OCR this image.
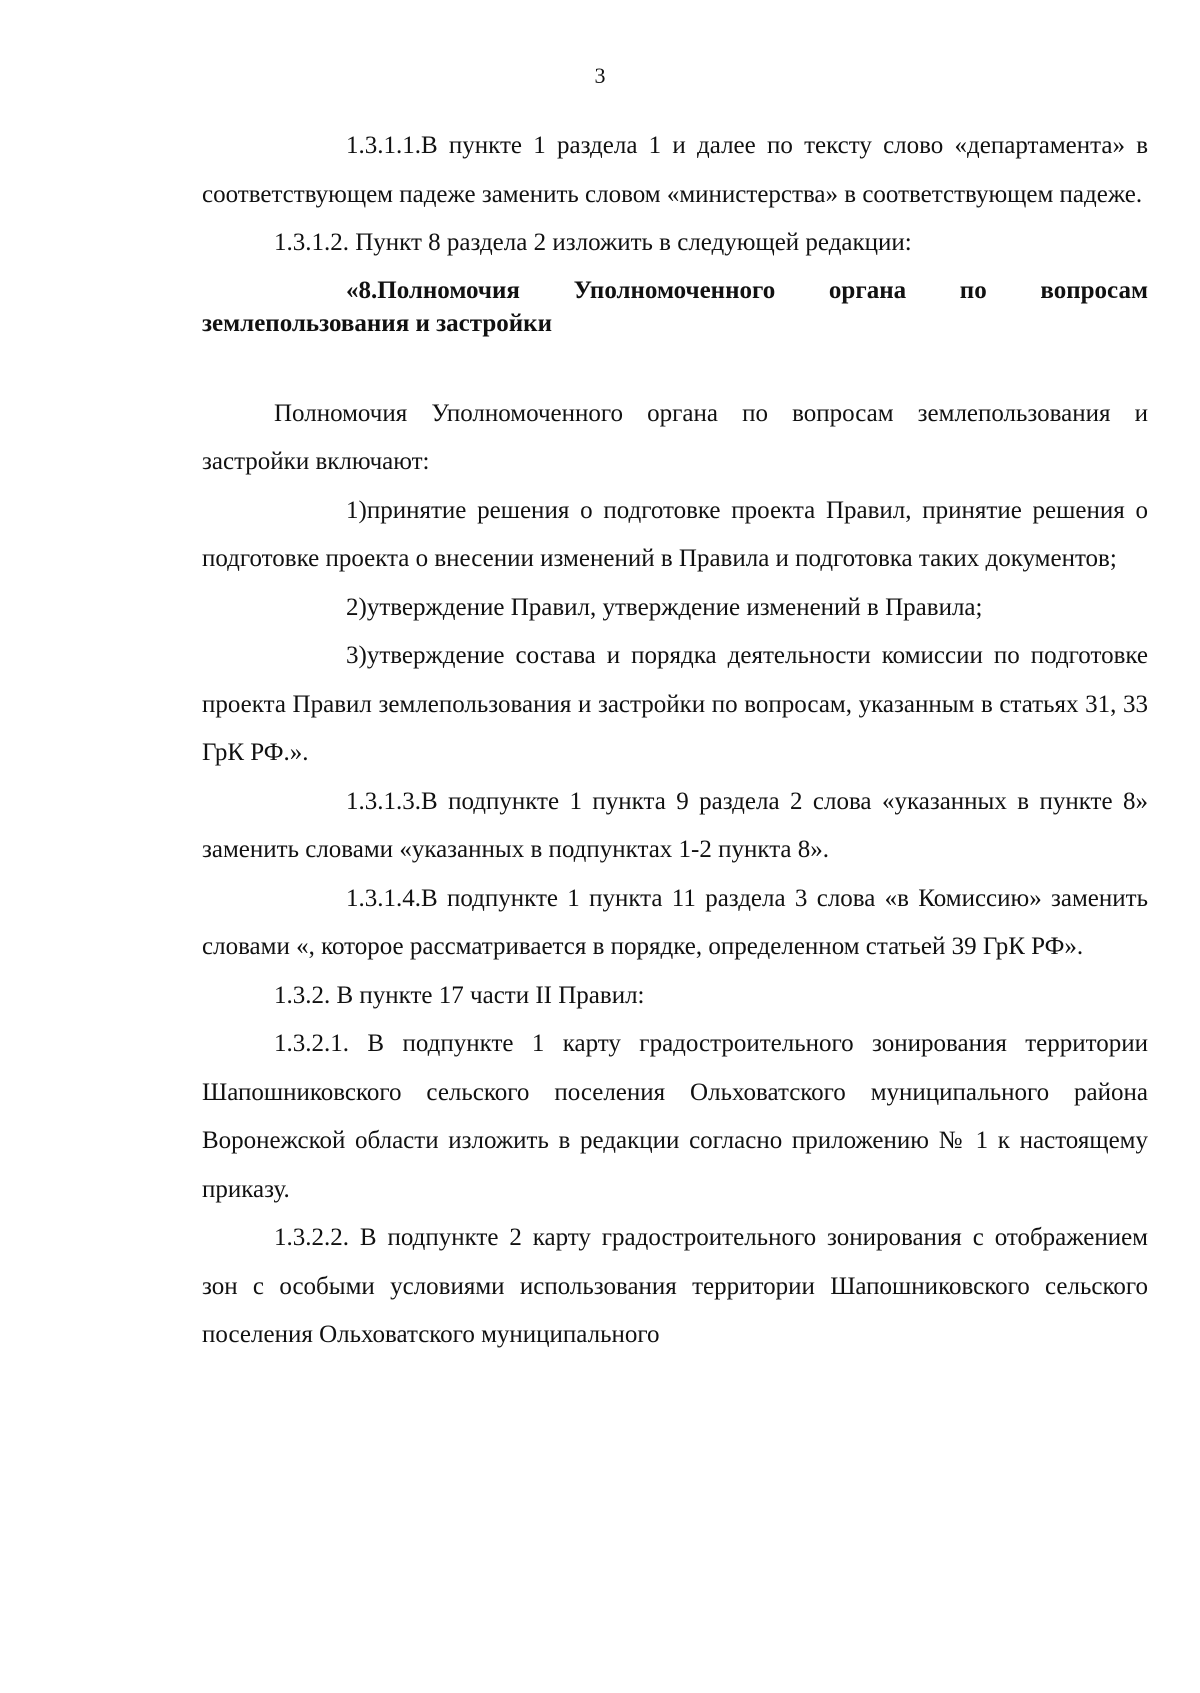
3

1.3.1.1.В пункте 1 раздела 1 и далее по тексту слово «департамента» в соответствующем падеже заменить словом «министерства» в соответствующем падеже.

1.3.1.2. Пункт 8 раздела 2 изложить в следующей редакции:

«8.Полномочия Уполномоченного органа по вопросам землепользования и застройки

Полномочия Уполномоченного органа по вопросам землепользования и застройки включают:

1)принятие решения о подготовке проекта Правил, принятие решения о подготовке проекта о внесении изменений в Правила и подготовка таких документов;

2)утверждение Правил, утверждение изменений в Правила;

3)утверждение состава и порядка деятельности комиссии по подготовке проекта Правил землепользования и застройки по вопросам, указанным в статьях 31, 33 ГрК РФ.».

1.3.1.3.В подпункте 1 пункта 9 раздела 2 слова «указанных в пункте 8» заменить словами «указанных в подпунктах 1-2 пункта 8».

1.3.1.4.В подпункте 1 пункта 11 раздела 3 слова «в Комиссию» заменить словами «, которое рассматривается в порядке, определенном статьей 39 ГрК РФ».

1.3.2. В пункте 17 части II Правил:

1.3.2.1. В подпункте 1 карту градостроительного зонирования территории Шапошниковского сельского поселения Ольховатского муниципального района Воронежской области изложить в редакции согласно приложению № 1 к настоящему приказу.

1.3.2.2. В подпункте 2 карту градостроительного зонирования с отображением зон с особыми условиями использования территории Шапошниковского сельского поселения Ольховатского муниципального
